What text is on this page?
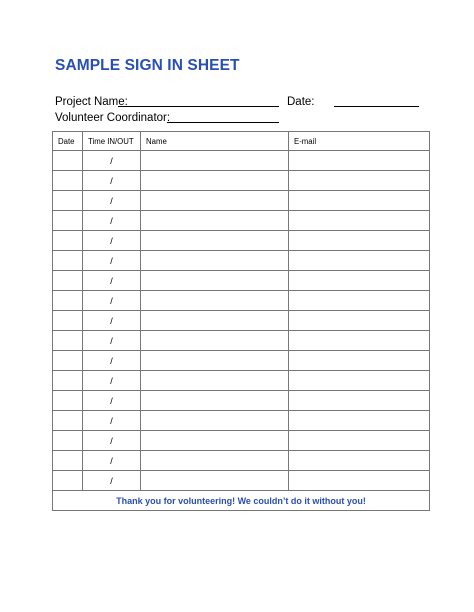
SAMPLE SIGN IN SHEET
Project Name:	Date:
Volunteer Coordinator:
Date	Time IN/OUT	Name	E-mail
	/		
	/		
	/		
	/		
	/		
	/		
	/		
	/		
	/		
	/		
	/		
	/		
	/		
	/		
	/		
	/		
	/		
Thank you for volunteering! We couldn’t do it without you!			
